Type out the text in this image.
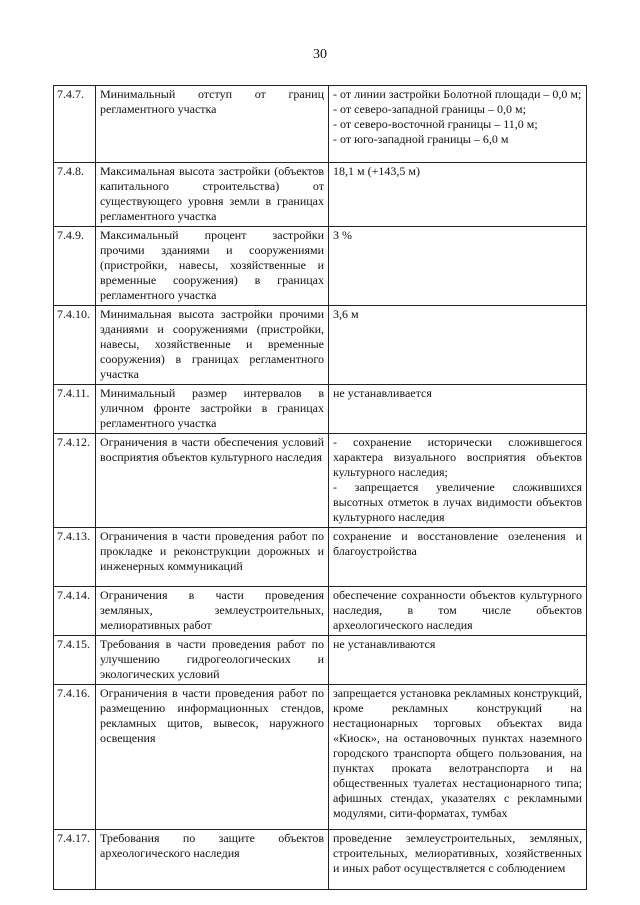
30
7.4.7.	Минимальный отступ от границ регламентного участка	- от линии застройки Болотной площади – 0,0 м;
- от северо-западной границы – 0,0 м;
- от северо-восточной границы – 11,0 м;
- от юго-западной границы – 6,0 м

7.4.8.	Максимальная высота застройки (объектов капитального строительства) от существующего уровня земли в границах регламентного участка	18,1 м (+143,5 м)

7.4.9.	Максимальный процент застройки прочими зданиями и сооружениями (пристройки, навесы, хозяйственные и временные сооружения) в границах регламентного участка	3 %

7.4.10.	Минимальная высота застройки прочими зданиями и сооружениями (пристройки, навесы, хозяйственные и временные сооружения) в границах регламентного участка	3,6 м

7.4.11.	Минимальный размер интервалов в уличном фронте застройки в границах регламентного участка	не устанавливается

7.4.12.	Ограничения в части обеспечения условий восприятия объектов культурного наследия	- сохранение исторически сложившегося характера визуального восприятия объектов культурного наследия;
- запрещается увеличение сложившихся высотных отметок в лучах видимости объектов культурного наследия

7.4.13.	Ограничения в части проведения работ по прокладке и реконструкции дорожных и инженерных коммуникаций	сохранение и восстановление озеленения и благоустройства

7.4.14.	Ограничения в части проведения земляных, землеустроительных, мелиоративных работ	обеспечение сохранности объектов культурного наследия, в том числе объектов археологического наследия

7.4.15.	Требования в части проведения работ по улучшению гидрогеологических и экологических условий	не устанавливаются

7.4.16.	Ограничения в части проведения работ по размещению информационных стендов, рекламных щитов, вывесок, наружного освещения	запрещается установка рекламных конструкций, кроме рекламных конструкций на нестационарных торговых объектах вида «Киоск», на остановочных пунктах наземного городского транспорта общего пользования, на пунктах проката велотранспорта и на общественных туалетах нестационарного типа; афишных стендах, указателях с рекламными модулями, сити-форматах, тумбах

7.4.17.	Требования по защите объектов археологического наследия	проведение землеустроительных, земляных, строительных, мелиоративных, хозяйственных и иных работ осуществляется с соблюдением
